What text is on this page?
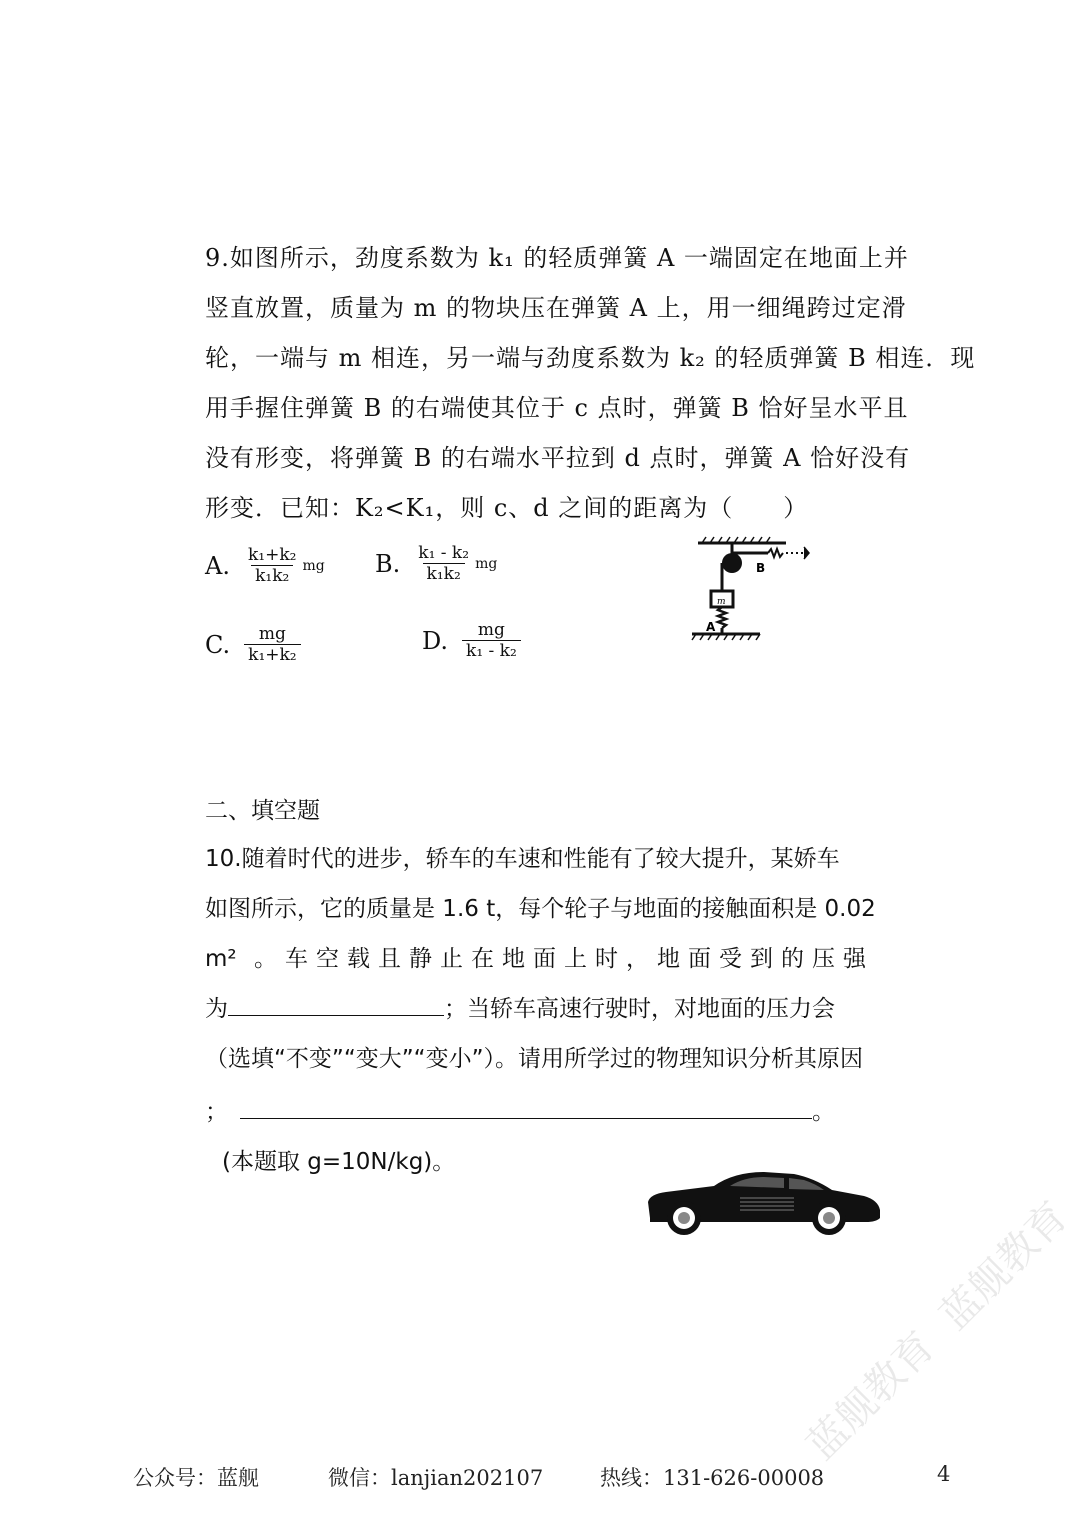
9.如图所示，劲度系数为 k₁ 的轻质弹簧 A 一端固定在地面上并
竖直放置，质量为 m 的物块压在弹簧 A 上，用一细绳跨过定滑
轮，一端与 m 相连，另一端与劲度系数为 k₂ 的轻质弹簧 B 相连．现
用手握住弹簧 B 的右端使其位于 c 点时，弹簧 B 恰好呈水平且
没有形变，将弹簧 B 的右端水平拉到 d 点时，弹簧 A 恰好没有
形变．已知：K₂<K₁，则 c、d 之间的距离为（　　）
A. $\frac{\text{k₁+k₂}}{\text{k₁k₂}}$ mg B. $\frac{\text{k₁ - k₂}}{\text{k₁k₂}}$ mg
C. $\frac{mg}{\text{k₁+k₂}}$	D. $\frac{mg}{\text{k₁ - k₂}}$
B
m
A
二、填空题
10.随着时代的进步，轿车的车速和性能有了较大提升，某娇车
如图所示，它的质量是 1.6 t，每个轮子与地面的接触面积是 0.02
m² 。车空载且静止在地面上时，地面受到的压强
为	；当轿车高速行驶时，对地面的压力会
（选填“不变”“变大”“变小”）。请用所学过的物理知识分析其原因
；	。
(本题取 g=10N/kg)。
蓝舰教育
蓝舰教育
公众号：蓝舰	微信：lanjian202107	热线：131-626-00008	4
